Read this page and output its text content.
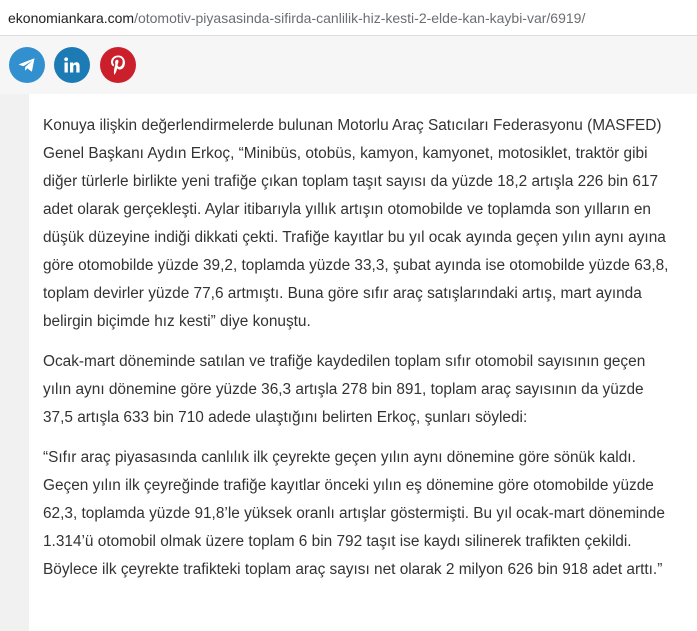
ekonomiankara.com /otomotiv-piyasasinda-sifirda-canlilik-hiz-kesti-2-elde-kan-kaybi-var/6919/

Konuya ilişkin değerlendirmelerde bulunan Motorlu Araç Satıcıları Federasyonu (MASFED) Genel Başkanı Aydın Erkoç, “Minibüs, otobüs, kamyon, kamyonet, motosiklet, traktör gibi diğer türlerle birlikte yeni trafiğe çıkan toplam taşıt sayısı da yüzde 18,2 artışla 226 bin 617 adet olarak gerçekleşti. Aylar itibarıyla yıllık artışın otomobilde ve toplamda son yılların en düşük düzeyine indiği dikkati çekti. Trafiğe kayıtlar bu yıl ocak ayında geçen yılın aynı ayına göre otomobilde yüzde 39,2, toplamda yüzde 33,3, şubat ayında ise otomobilde yüzde 63,8, toplam devirler yüzde 77,6 artmıştı. Buna göre sıfır araç satışlarındaki artış, mart ayında belirgin biçimde hız kesti” diye konuştu.

Ocak-mart döneminde satılan ve trafiğe kaydedilen toplam sıfır otomobil sayısının geçen yılın aynı dönemine göre yüzde 36,3 artışla 278 bin 891, toplam araç sayısının da yüzde 37,5 artışla 633 bin 710 adede ulaştığını belirten Erkoç, şunları söyledi:

“Sıfır araç piyasasında canlılık ilk çeyrekte geçen yılın aynı dönemine göre sönük kaldı. Geçen yılın ilk çeyreğinde trafiğe kayıtlar önceki yılın eş dönemine göre otomobilde yüzde 62,3, toplamda yüzde 91,8’le yüksek oranlı artışlar göstermişti. Bu yıl ocak-mart döneminde 1.314’ü otomobil olmak üzere toplam 6 bin 792 taşıt ise kaydı silinerek trafikten çekildi. Böylece ilk çeyrekte trafikteki toplam araç sayısı net olarak 2 milyon 626 bin 918 adet arttı.”
